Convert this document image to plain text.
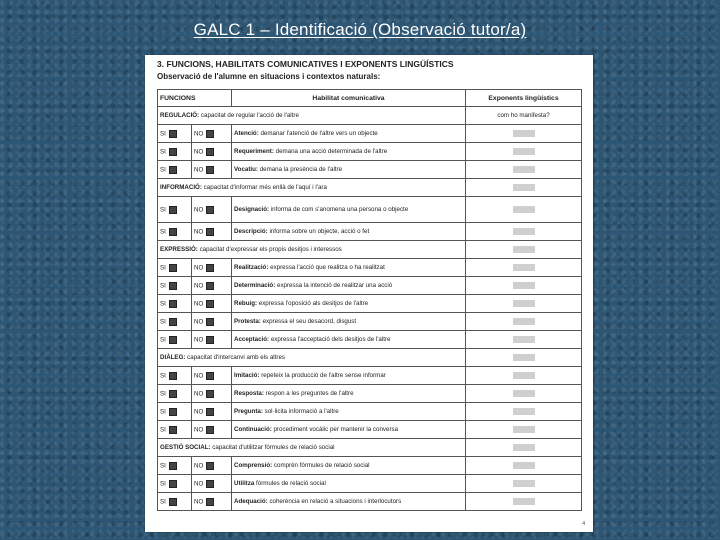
GALC 1 – Identificació (Observació tutor/a)
3. FUNCIONS, HABILITATS COMUNICATIVES I EXPONENTS LINGÜÍSTICS
Observació de l'alumne en situacions i contextos naturals:
FUNCIONS		Habilitat comunicativa	Exponents lingüístics
REGULACIÓ: capacitat de regular l'acció de l'altre			com ho manifesta?
SI	NO	Atenció: demanar l'atenció de l'altre vers un objecte	

SI	NO	Requeriment: demana una acció determinada de l'altre	

SI	NO	Vocatiu: demana la presència de l'altre	

INFORMACIÓ: capacitat d'informar més enllà de l'aquí i l'ara			

SI	NO	Designació: informa de com s'anomena una persona o objecte	

SI	NO	Descripció: informa sobre un objecte, acció o fet	

EXPRESSIÓ: capacitat d'expressar els propis desitjos i interessos			

SI	NO	Realització: expressa l'acció que realitza o ha realitzat	

SI	NO	Determinació: expressa la intenció de realitzar una acció	

SI	NO	Rebuig: expressa l'oposició als desitjos de l'altre	

SI	NO	Protesta: expressa el seu desacord, disgust	

SI	NO	Acceptació: expressa l'acceptació dels desitjos de l'altre	

DIÀLEG: capacitat d'intercanvi amb els altres			

SI	NO	Imitació: repeteix la producció de l'altre sense informar	

SI	NO	Resposta: respon a les preguntes de l'altre	

SI	NO	Pregunta: sol·licita informació a l'altre	

SI	NO	Continuació: procediment vocàlic per mantenir la conversa	

GESTIÓ SOCIAL: capacitat d'utilitzar fórmules de relació social			

SI	NO	Comprensió: comprèn fórmules de relació social	

SI	NO	Utilitza fórmules de relació social	

SI	NO	Adequació: coherència en relació a situacions i interlocutors	
4
